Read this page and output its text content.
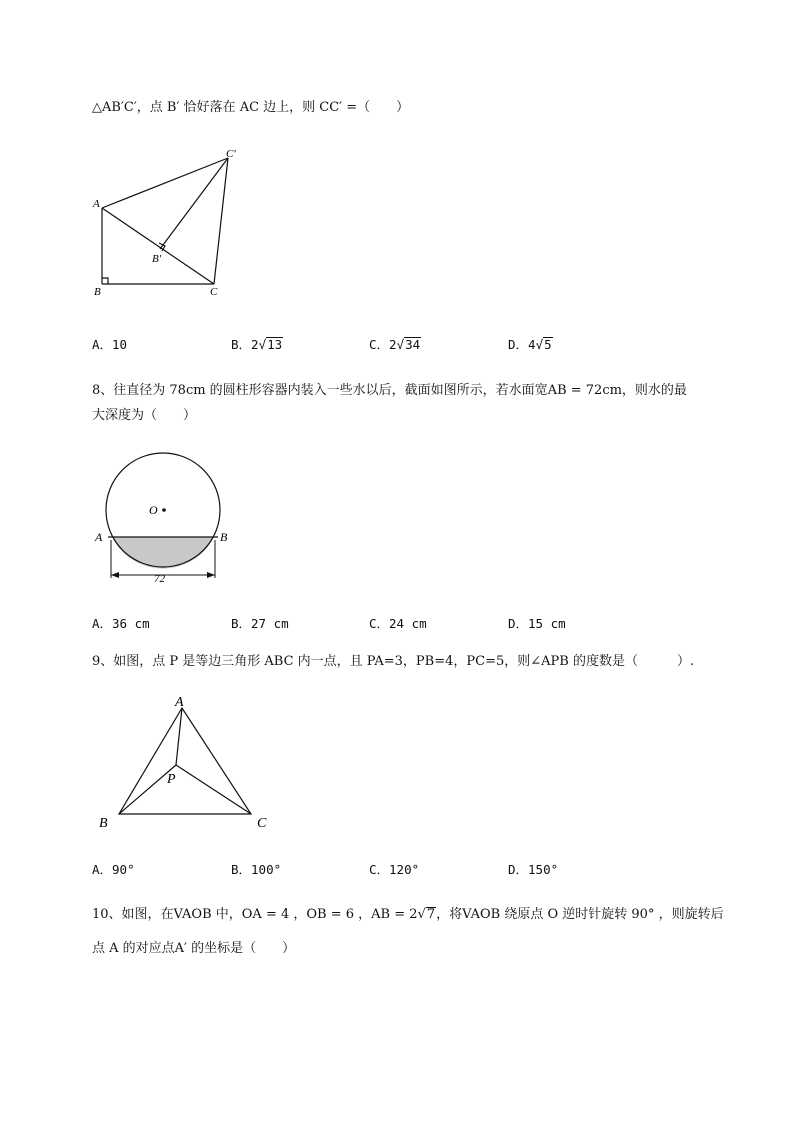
△AB′C′，点 B′ 恰好落在 AC 边上，则 CC′ =（　　）
A
B	C
B′
C′
A．10	B．2√13	C．2√34	D．4√5
8、往直径为 78cm 的圆柱形容器内装入一些水以后，截面如图所示，若水面宽AB = 72cm，则水的最
大深度为（　　）
O
A	B
72
A．36 cm	B．27 cm	C．24 cm	D．15 cm
9、如图，点 P 是等边三角形 ABC 内一点，且 PA=3，PB=4，PC=5，则∠APB 的度数是（　　　）.
A
B	C
P
A．90°	B．100°	C．120°	D．150°
10、如图，在VAOB 中，OA = 4 ，OB = 6 ，AB = 2√7，将VAOB 绕原点 O 逆时针旋转 90° ，则旋转后
点 A 的对应点A′ 的坐标是（　　）
